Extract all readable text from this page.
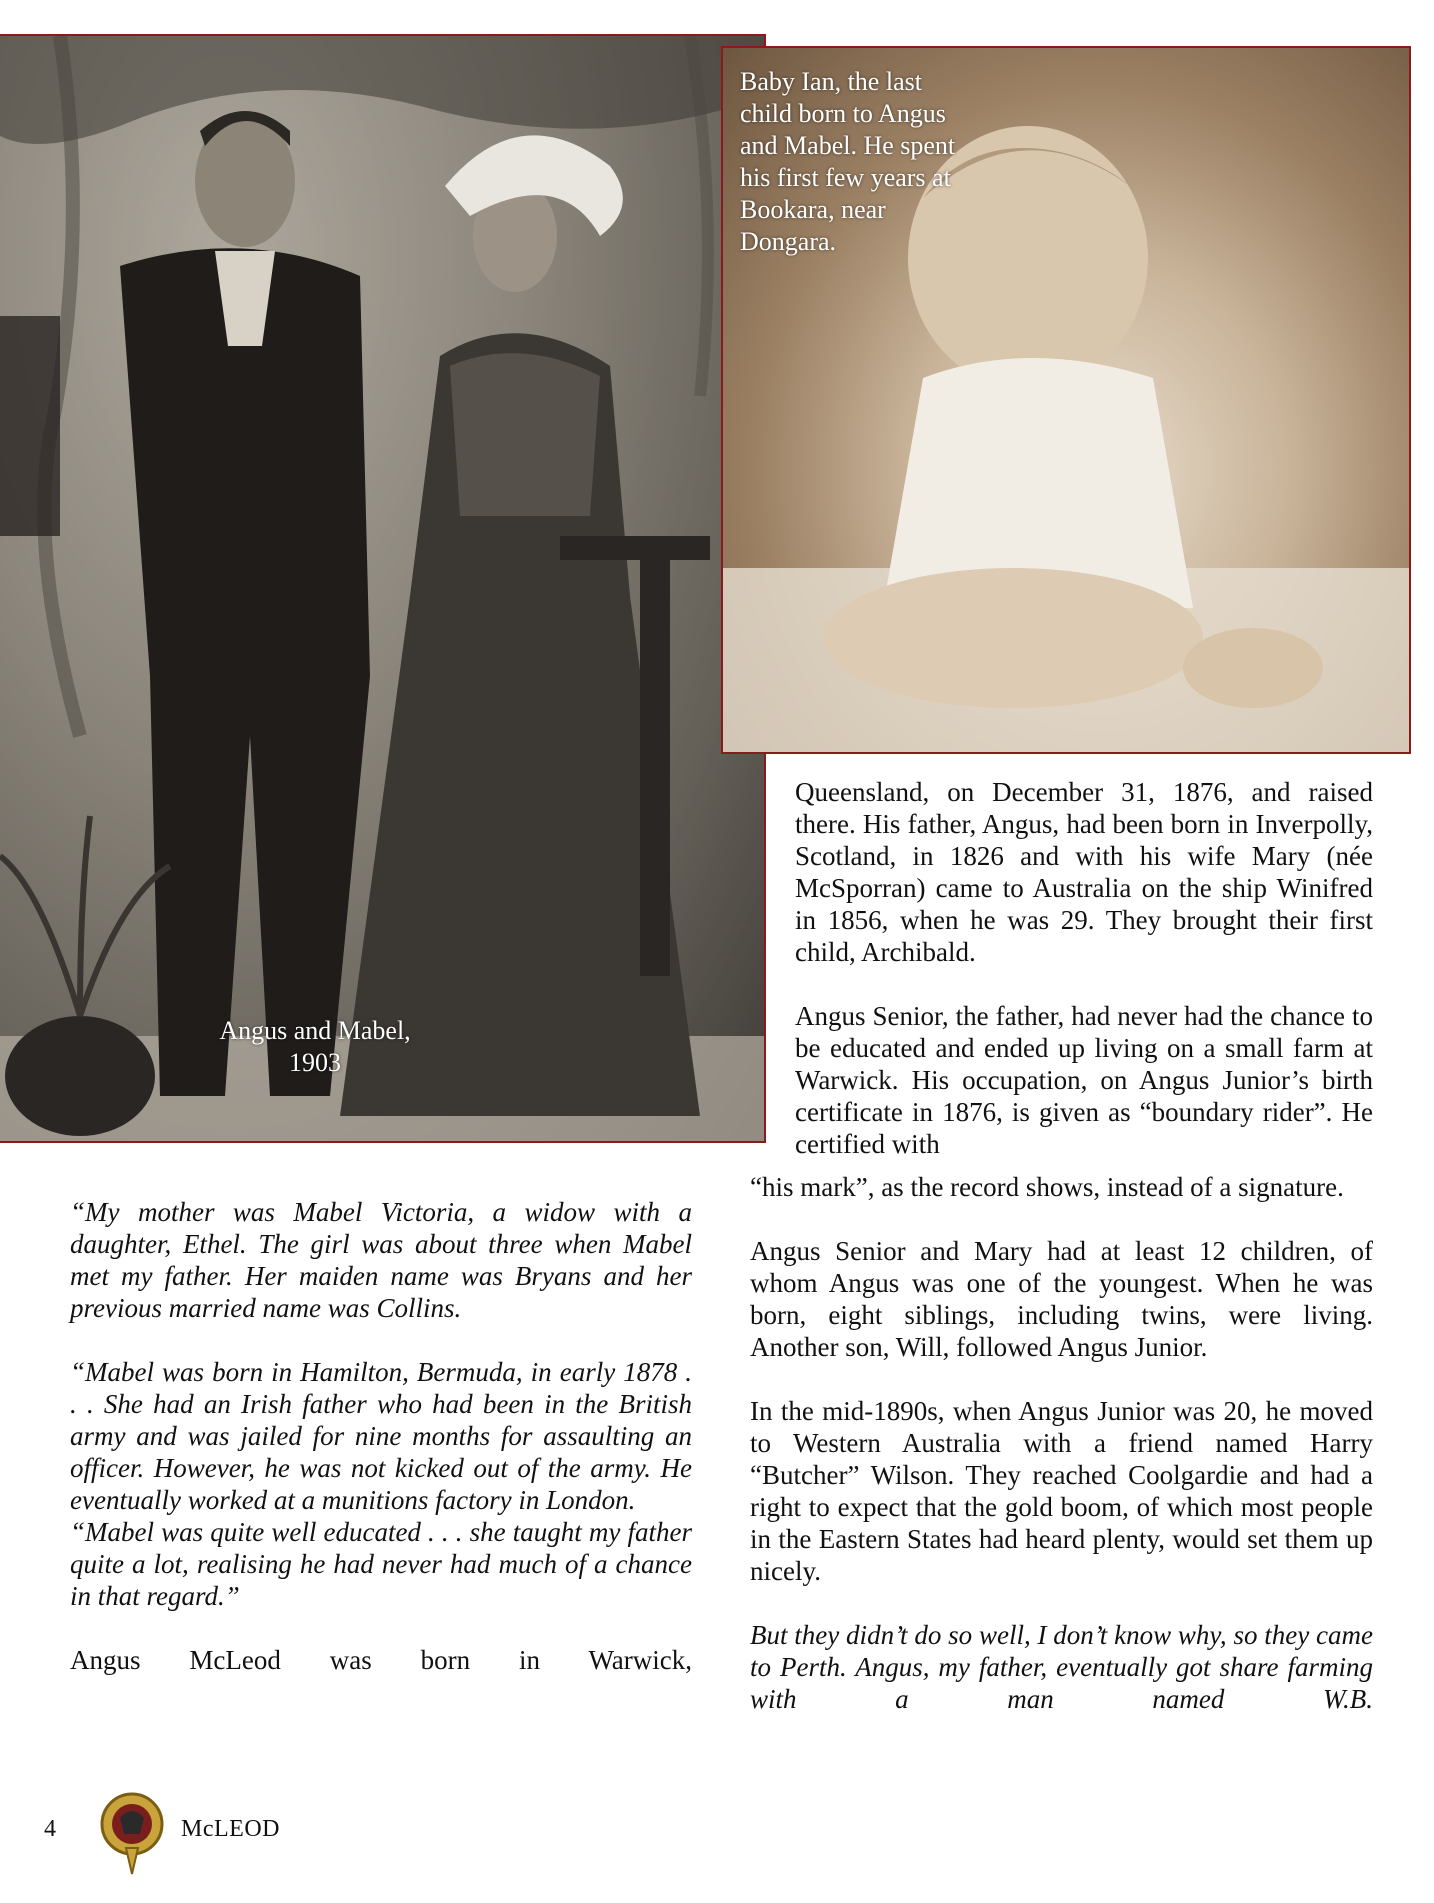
Baby Ian, the last child born to Angus and Mabel. He spent his first few years at Bookara, near Dongara.
Angus and Mabel,
1903

Queensland, on December 31, 1876, and raised there. His father, Angus, had been born in Inverpolly, Scotland, in 1826 and with his wife Mary (née McSporran) came to Australia on the ship Winifred in 1856, when he was 29. They brought their first child, Archibald.

Angus Senior, the father, had never had the chance to be educated and ended up living on a small farm at Warwick. His occupation, on Angus Junior’s birth certificate in 1876, is given as “boundary rider”. He certified with

“his mark”, as the record shows, instead of a signature.

Angus Senior and Mary had at least 12 children, of whom Angus was one of the youngest. When he was born, eight siblings, including twins, were living. Another son, Will, followed Angus Junior.

In the mid-1890s, when Angus Junior was 20, he moved to Western Australia with a friend named Harry “Butcher” Wilson. They reached Coolgardie and had a right to expect that the gold boom, of which most people in the Eastern States had heard plenty, would set them up nicely.

But they didn’t do so well, I don’t know why, so they came to Perth. Angus, my father, eventually got share farming with a man named W.B.

“My mother was Mabel Victoria, a widow with a daughter, Ethel. The girl was about three when Mabel met my father. Her maiden name was Bryans and her previous married name was Collins.

“Mabel was born in Hamilton, Bermuda, in early 1878 . . . She had an Irish father who had been in the British army and was jailed for nine months for assaulting an officer. However, he was not kicked out of the army. He eventually worked at a munitions factory in London.

“Mabel was quite well educated . . . she taught my father quite a lot, realising he had never had much of a chance in that regard.”

Angus McLeod was born in Warwick,

4	McLEOD
